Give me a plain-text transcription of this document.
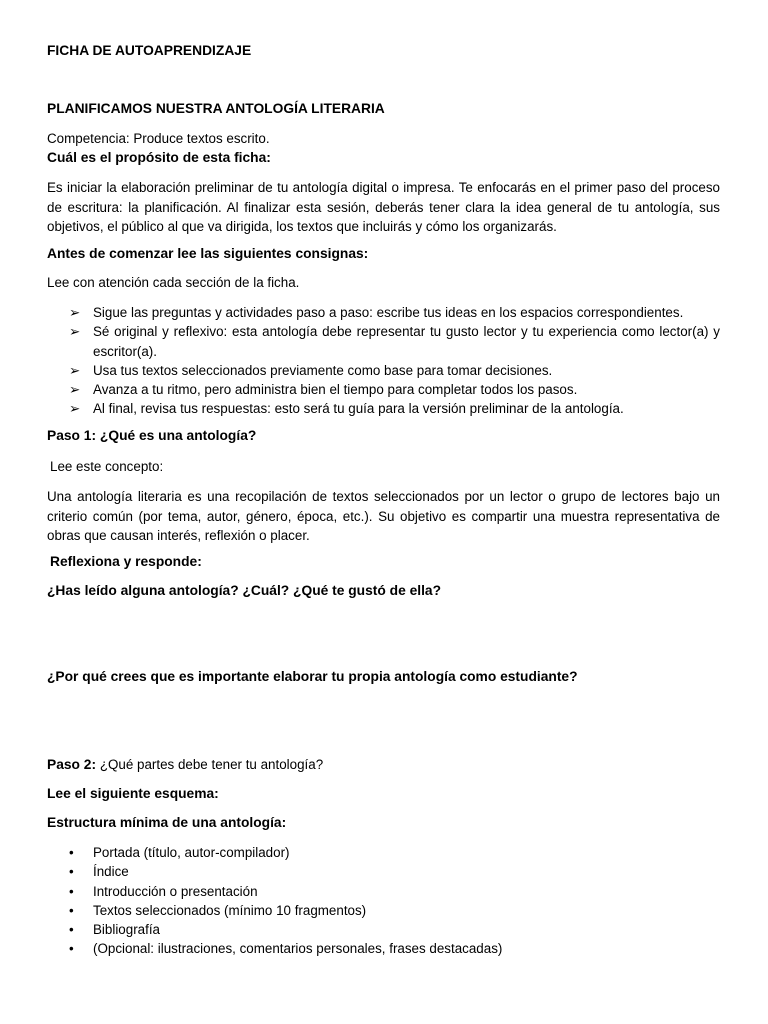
FICHA DE AUTOAPRENDIZAJE

PLANIFICAMOS NUESTRA ANTOLOGÍA LITERARIA

Competencia: Produce textos escrito.

Cuál es el propósito de esta ficha:

Es iniciar la elaboración preliminar de tu antología digital o impresa. Te enfocarás en el primer paso del proceso de escritura: la planificación. Al finalizar esta sesión, deberás tener clara la idea general de tu antología, sus objetivos, el público al que va dirigida, los textos que incluirás y cómo los organizarás.

Antes de comenzar lee las siguientes consignas:

Lee con atención cada sección de la ficha.

➢ Sigue las preguntas y actividades paso a paso: escribe tus ideas en los espacios correspondientes.
➢ Sé original y reflexivo: esta antología debe representar tu gusto lector y tu experiencia como lector(a) y escritor(a).
➢ Usa tus textos seleccionados previamente como base para tomar decisiones.
➢ Avanza a tu ritmo, pero administra bien el tiempo para completar todos los pasos.
➢ Al final, revisa tus respuestas: esto será tu guía para la versión preliminar de la antología.

Paso 1: ¿Qué es una antología?

Lee este concepto:

Una antología literaria es una recopilación de textos seleccionados por un lector o grupo de lectores bajo un criterio común (por tema, autor, género, época, etc.). Su objetivo es compartir una muestra representativa de obras que causan interés, reflexión o placer.

Reflexiona y responde:

¿Has leído alguna antología? ¿Cuál? ¿Qué te gustó de ella?

¿Por qué crees que es importante elaborar tu propia antología como estudiante?

Paso 2: ¿Qué partes debe tener tu antología?

Lee el siguiente esquema:

Estructura mínima de una antología:

•	Portada (título, autor-compilador)
•	Índice
•	Introducción o presentación
•	Textos seleccionados (mínimo 10 fragmentos)
•	Bibliografía
•	(Opcional: ilustraciones, comentarios personales, frases destacadas)
